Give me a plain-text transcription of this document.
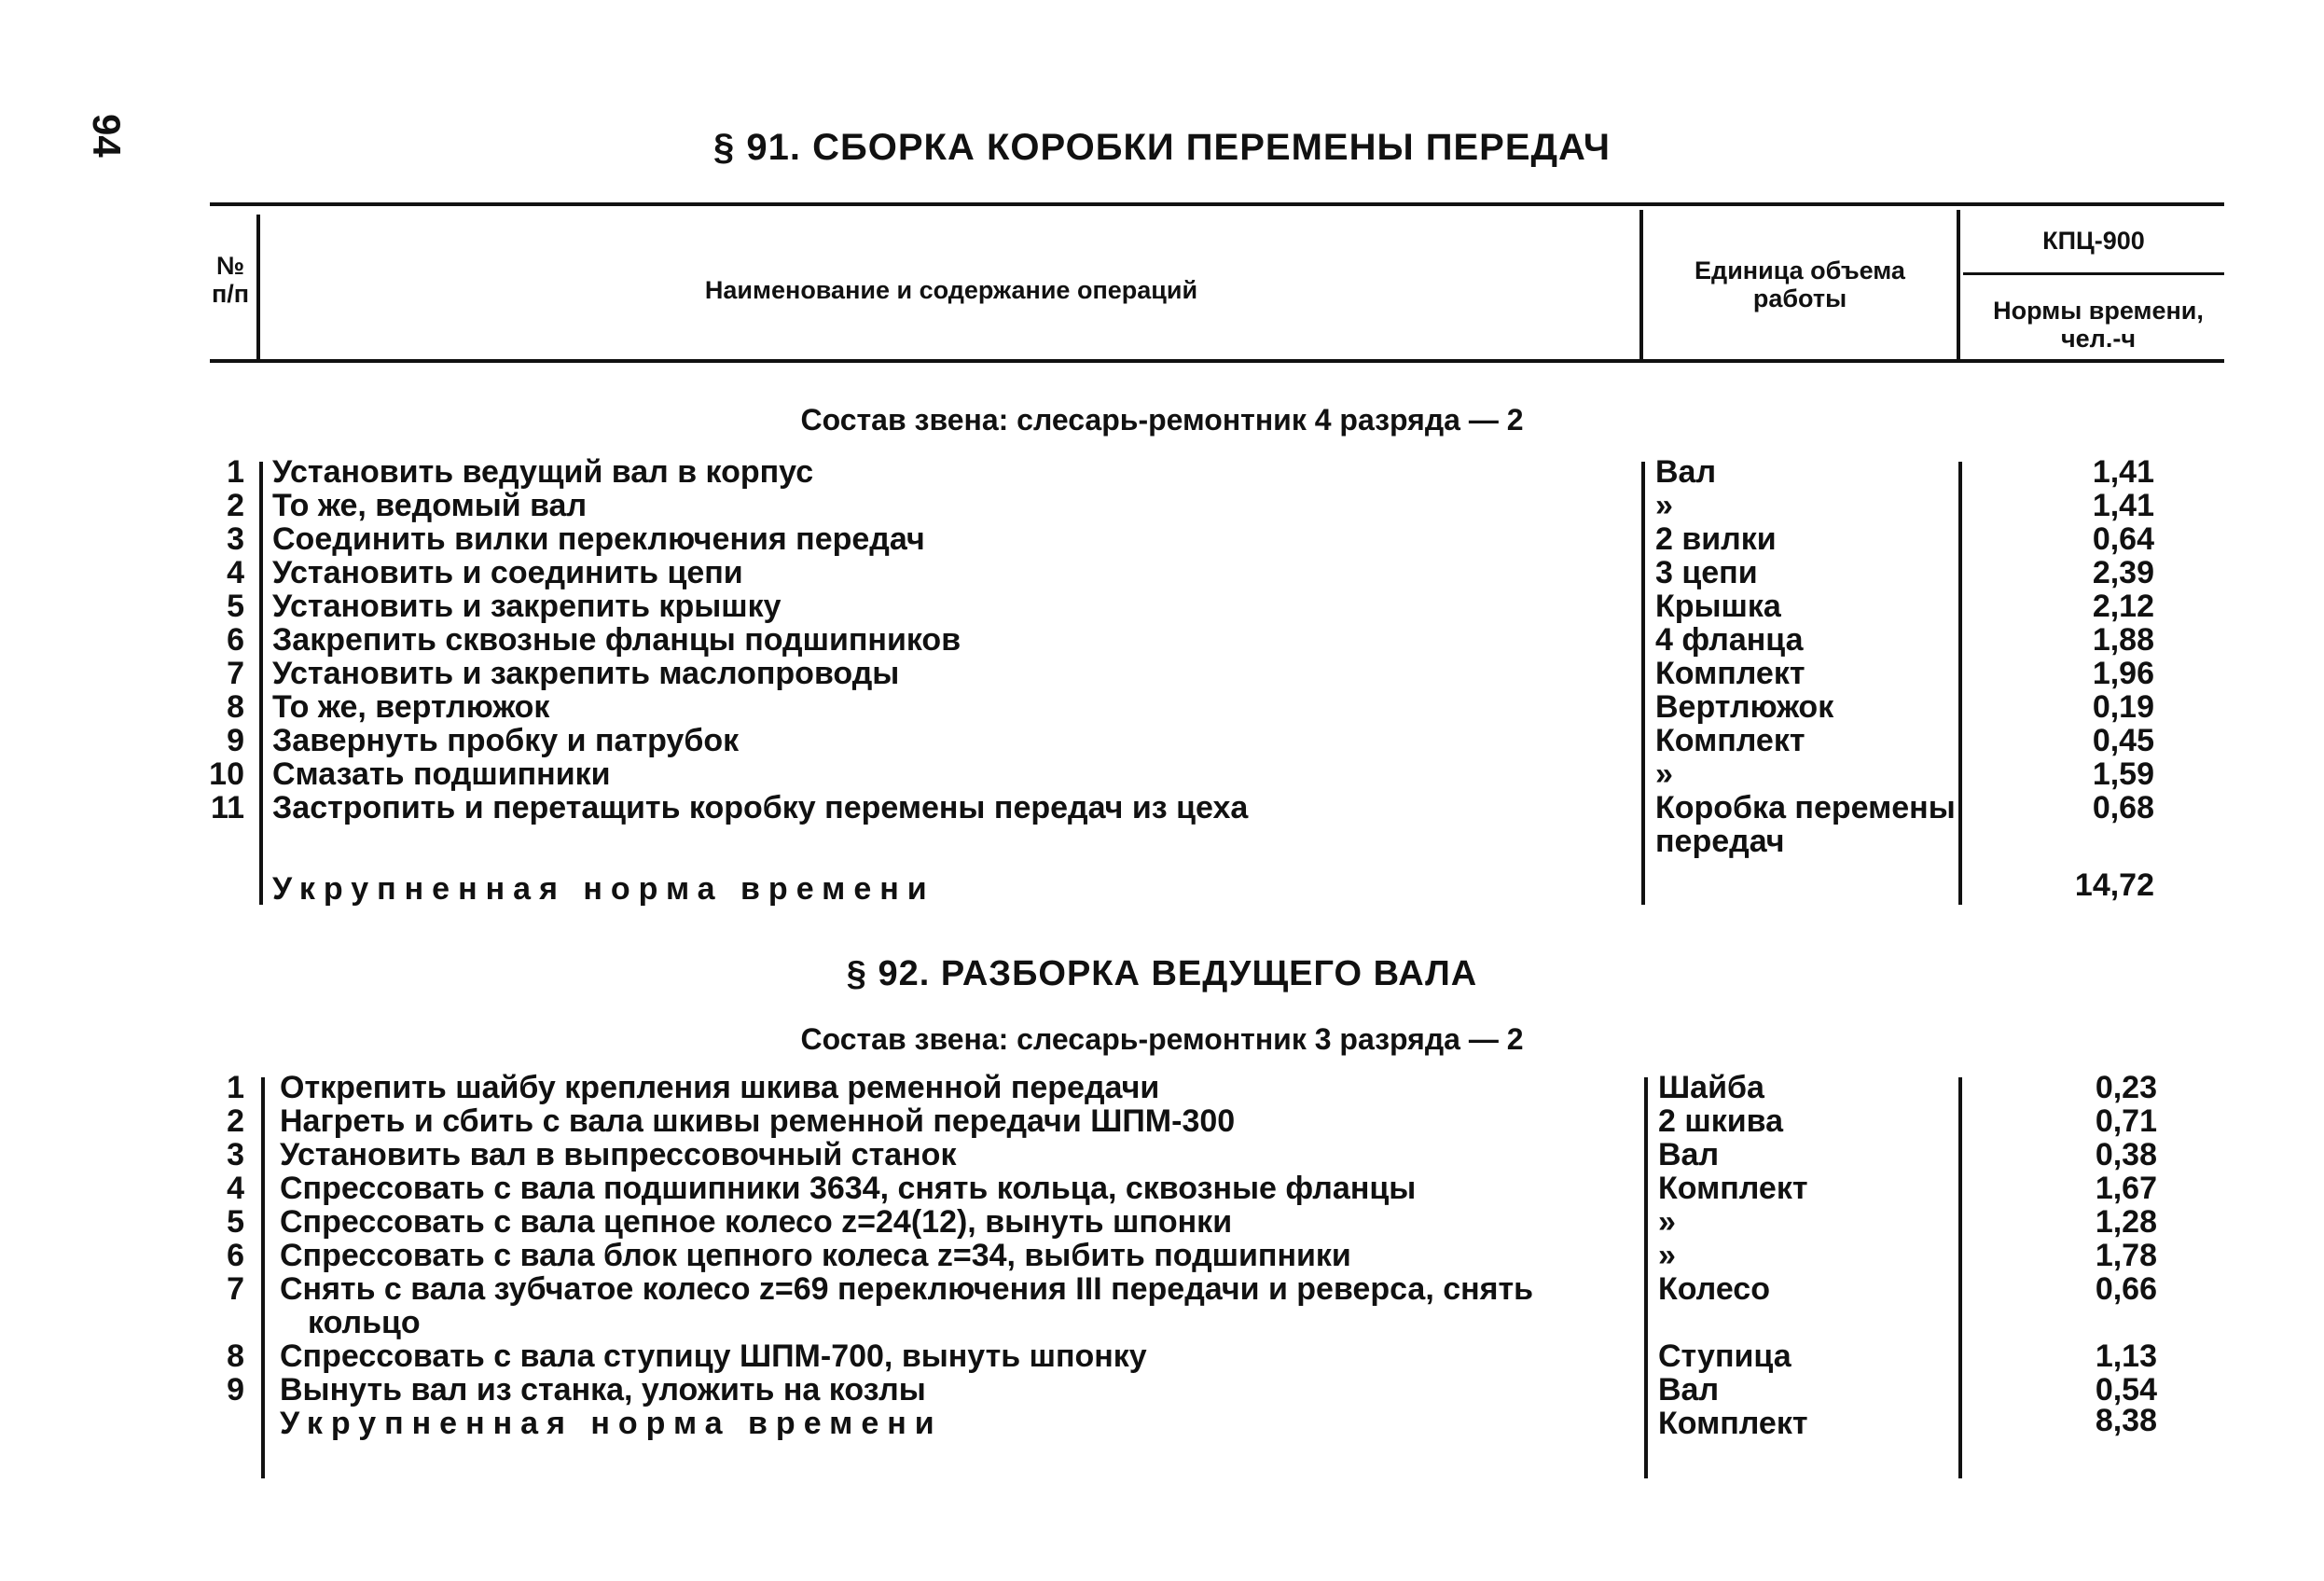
94	§ 91. СБОРКА КОРОБКИ ПЕРЕМЕНЫ ПЕРЕДАЧ
№ п/п	Наименование и содержание операций
Единица объема работы
КПЦ-900
Нормы времени, чел.-ч
Состав звена: слесарь-ремонтник 4 разряда — 2
1 Установить ведущий вал в корпус	Вал	1,41
2 То же, ведомый вал	»	1,41
3 Соединить вилки переключения передач	2 вилки	0,64
4 Установить и соединить цепи	3 цепи	2,39
5 Установить и закрепить крышку	Крышка	2,12
6 Закрепить сквозные фланцы подшипников	4 фланца	1,88
7 Установить и закрепить маслопроводы	Комплект	1,96
8 То же, вертлюжок	Вертлюжок	0,19
9 Завернуть пробку и патрубок	Комплект	0,45
10 Смазать подшипники	»	1,59
11 Застропить и перетащить коробку перемены передач из цеха	Коробка перемены	0,68
передач
Укрупненная норма времени	14,72
§ 92. РАЗБОРКА ВЕДУЩЕГО ВАЛА
Состав звена: слесарь-ремонтник 3 разряда — 2
1 Открепить шайбу крепления шкива ременной передачи	Шайба	0,23
2 Нагреть и сбить с вала шкивы ременной передачи ШПМ-300	2 шкива	0,71
3 Установить вал в выпрессовочный станок	Вал	0,38
4 Спрессовать с вала подшипники 3634, снять кольца, сквозные фланцы	Комплект	1,67
5 Спрессовать с вала цепное колесо z=24(12), вынуть шпонки	»	1,28
6 Спрессовать с вала блок цепного колеса z=34, выбить подшипники	»	1,78
7 Снять с вала зубчатое колесо z=69 переключения III передачи и реверса, снять	Колесо	0,66
кольцо
8 Спрессовать с вала ступицу ШПМ-700, вынуть шпонку	Ступица	1,13
9 Вынуть вал из станка, уложить на козлы	Вал	0,54
Укрупненная норма времени	Комплект	8,38
